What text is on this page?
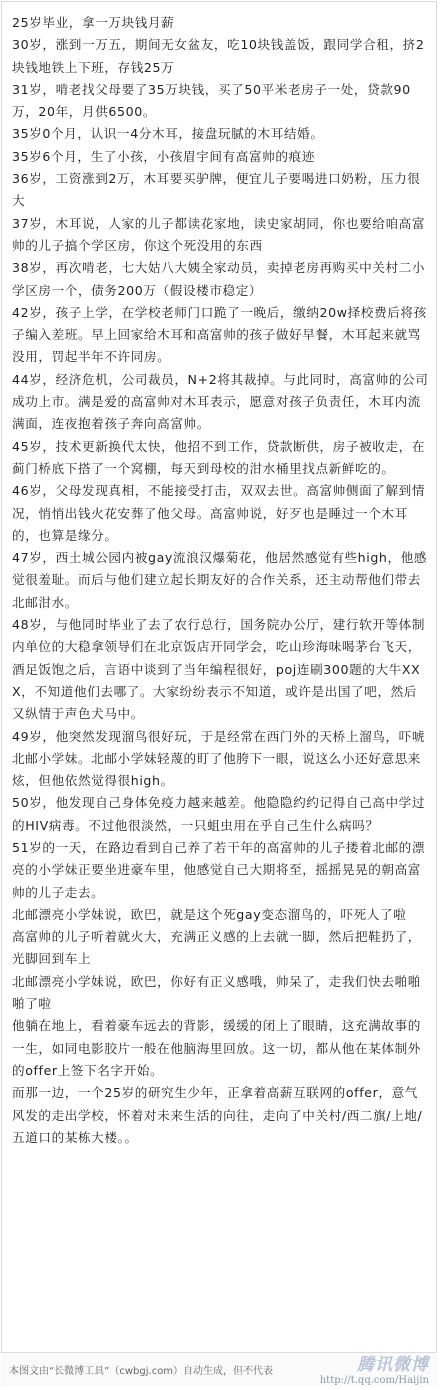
25岁毕业，拿一万块钱月薪

30岁，涨到一万五，期间无女盆友，吃10块钱盖饭，跟同学合租，挤2块钱地铁上下班，存钱25万

31岁，啃老找父母要了35万块钱，买了50平米老房子一处，贷款90万，20年，月供6500。

35岁0个月，认识一4分木耳，接盘玩腻的木耳结婚。

35岁6个月，生了小孩，小孩眉宇间有高富帅的痕迹

36岁，工资涨到2万，木耳要买驴牌，便宜儿子要喝进口奶粉，压力很大

37岁，木耳说，人家的儿子都读花家地，读史家胡同，你也要给咱高富帅的儿子搞个学区房，你这个死没用的东西

38岁，再次啃老，七大姑八大姨全家动员，卖掉老房再购买中关村二小学区房一个，债务200万（假设楼市稳定）

42岁，孩子上学，在学校老师门口跪了一晚后，缴纳20w择校费后将孩子编入差班。早上回家给木耳和高富帅的孩子做好早餐，木耳起来就骂没用，罚起半年不许同房。

44岁，经济危机，公司裁员，N+2将其裁掉。与此同时，高富帅的公司成功上市。满是爱的高富帅对木耳表示，愿意对孩子负责任，木耳内流满面，连夜抱着孩子奔向高富帅。

45岁，技术更新换代太快，他招不到工作，贷款断供，房子被收走，在蓟门桥底下搭了一个窝棚，每天到母校的泔水桶里找点新鲜吃的。

46岁，父母发现真相，不能接受打击，双双去世。高富帅侧面了解到情况，悄悄出钱火花安葬了他父母。高富帅说，好歹也是睡过一个木耳的，也算是缘分。

47岁，西土城公园内被gay流浪汉爆菊花，他居然感觉有些high，他感觉很羞耻。而后与他们建立起长期友好的合作关系，还主动帮他们带去北邮泔水。

48岁，与他同时毕业了去了农行总行，国务院办公厅，建行软开等体制内单位的大稳拿领导们在北京饭店开同学会，吃山珍海味喝茅台飞天，酒足饭饱之后，言语中谈到了当年编程很好，poj连刷300题的大牛XXX，不知道他们去哪了。大家纷纷表示不知道，或许是出国了吧，然后又纵情于声色犬马中。

49岁，他突然发现溜鸟很好玩，于是经常在西门外的天桥上溜鸟，吓唬北邮小学妹。北邮小学妹轻蔑的盯了他胯下一眼，说这么小还好意思来炫，但他依然觉得很high。

50岁，他发现自己身体免疫力越来越差。他隐隐约约记得自己高中学过的HIV病毒。不过他很淡然，一只蛆虫用在乎自己生什么病吗？

51岁的一天，在路边看到自己养了若干年的高富帅的儿子搂着北邮的漂亮的小学妹正要坐进豪车里，他感觉自己大期将至，摇摇晃晃的朝高富帅的儿子走去。

北邮漂亮小学妹说，欧巴，就是这个死gay变态溜鸟的，吓死人了啦

高富帅的儿子听着就火大，充满正义感的上去就一脚，然后把鞋扔了，光脚回到车上

北邮漂亮小学妹说，欧巴，你好有正义感哦，帅呆了，走我们快去啪啪啪了啦

他躺在地上，看着豪车远去的背影，缓缓的闭上了眼睛，这充满故事的一生，如同电影胶片一般在他脑海里回放。这一切，都从他在某体制外的offer上签下名字开始。

而那一边，一个25岁的研究生少年，正拿着高薪互联网的offer，意气风发的走出学校，怀着对未来生活的向往，走向了中关村/西二旗/上地/五道口的某栋大楼。。

本图文由“长微博工具”（cwbgj.com）自动生成，但不代表	腾讯微博
http://t.qq.com/Haijin
